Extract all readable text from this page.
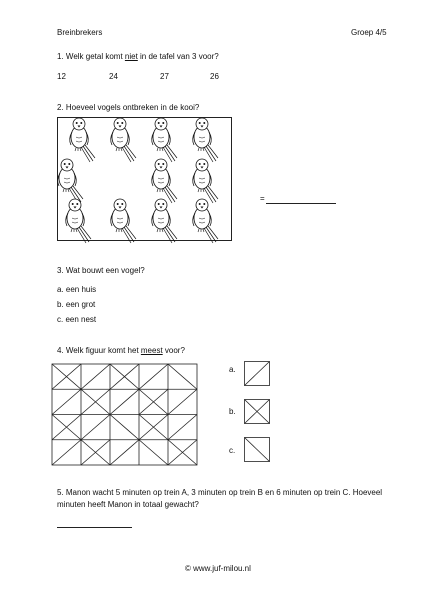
Breinbrekers	Groep 4/5
1. Welk getal komt niet in de tafel van 3 voor?
12	24	27	26
2. Hoeveel vogels ontbreken in de kooi?
=
3. Wat bouwt een vogel?
a. een huis
b. een grot
c. een nest
4. Welk figuur komt het meest voor?
a.
b.
c.
5. Manon wacht 5 minuten op trein A, 3 minuten op trein B en 6 minuten op trein C. Hoeveel
minuten heeft Manon in totaal gewacht?
© www.juf-milou.nl
